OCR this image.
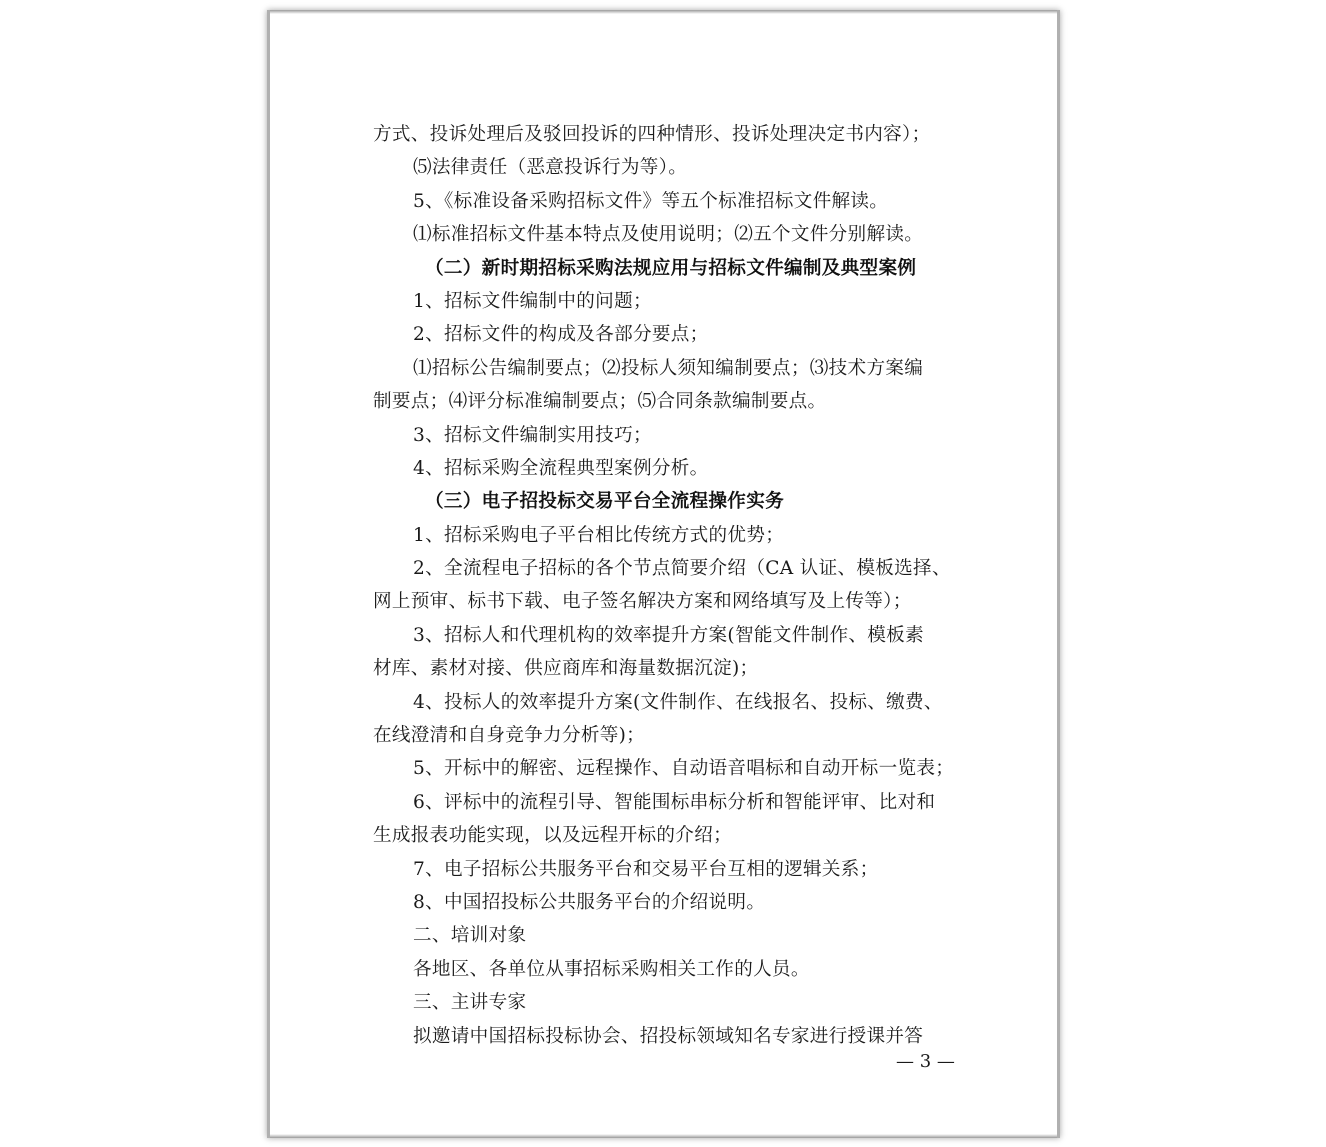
方式、投诉处理后及驳回投诉的四种情形、投诉处理决定书内容）；
⑸法律责任（恶意投诉行为等）。
5、《标准设备采购招标文件》等五个标准招标文件解读。
⑴标准招标文件基本特点及使用说明；⑵五个文件分别解读。
（二）新时期招标采购法规应用与招标文件编制及典型案例
1、招标文件编制中的问题；
2、招标文件的构成及各部分要点；
⑴招标公告编制要点；⑵投标人须知编制要点；⑶技术方案编
制要点；⑷评分标准编制要点；⑸合同条款编制要点。
3、招标文件编制实用技巧；
4、招标采购全流程典型案例分析。
（三）电子招投标交易平台全流程操作实务
1、招标采购电子平台相比传统方式的优势；
2、全流程电子招标的各个节点简要介绍（CA 认证、模板选择、
网上预审、标书下载、电子签名解决方案和网络填写及上传等）；
3、招标人和代理机构的效率提升方案(智能文件制作、模板素
材库、素材对接、供应商库和海量数据沉淀)；
4、投标人的效率提升方案(文件制作、在线报名、投标、缴费、
在线澄清和自身竞争力分析等)；
5、开标中的解密、远程操作、自动语音唱标和自动开标一览表；
6、评标中的流程引导、智能围标串标分析和智能评审、比对和
生成报表功能实现，以及远程开标的介绍；
7、电子招标公共服务平台和交易平台互相的逻辑关系；
8、中国招投标公共服务平台的介绍说明。
二、培训对象
各地区、各单位从事招标采购相关工作的人员。
三、主讲专家
拟邀请中国招标投标协会、招投标领域知名专家进行授课并答
— 3 —
